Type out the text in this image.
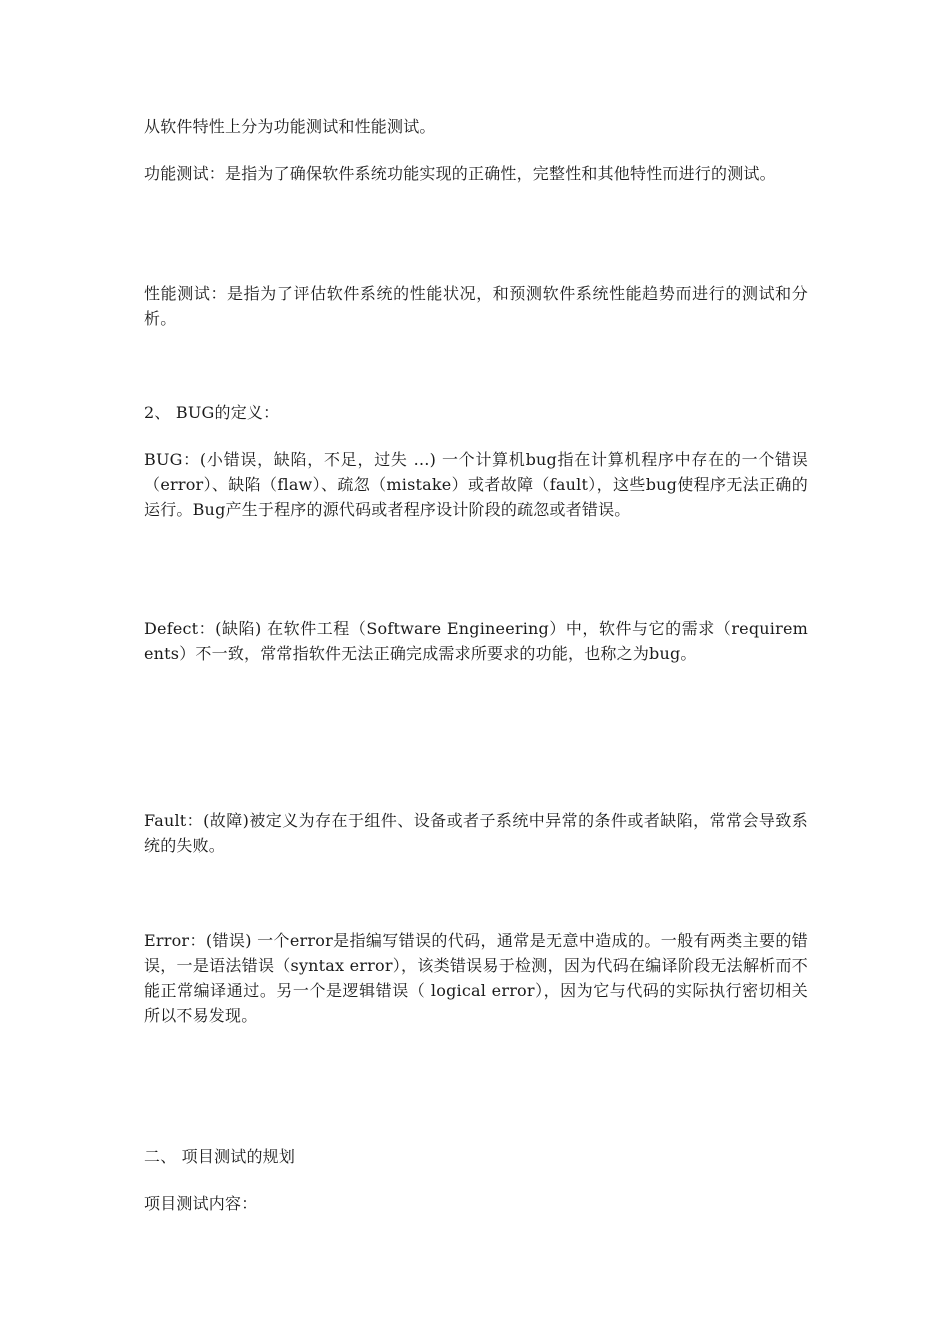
从软件特性上分为功能测试和性能测试。

功能测试：是指为了确保软件系统功能实现的正确性，完整性和其他特性而进行的测试。

性能测试：是指为了评估软件系统的性能状况，和预测软件系统性能趋势而进行的测试和分析。

2、 BUG的定义：

BUG：(小错误，缺陷，不足，过失 …) 一个计算机bug指在计算机程序中存在的一个错误（error）、缺陷（flaw）、疏忽（mistake）或者故障（fault），这些bug使程序无法正确的运行。Bug产生于程序的源代码或者程序设计阶段的疏忽或者错误。

Defect：(缺陷) 在软件工程（Software Engineering）中，软件与它的需求（requirements）不一致，常常指软件无法正确完成需求所要求的功能，也称之为bug。

Fault：(故障)被定义为存在于组件、设备或者子系统中异常的条件或者缺陷，常常会导致系统的失败。

Error：(错误) 一个error是指编写错误的代码，通常是无意中造成的。一般有两类主要的错误，一是语法错误（syntax error），该类错误易于检测，因为代码在编译阶段无法解析而不能正常编译通过。另一个是逻辑错误（ logical error），因为它与代码的实际执行密切相关所以不易发现。

二、 项目测试的规划

项目测试内容：
